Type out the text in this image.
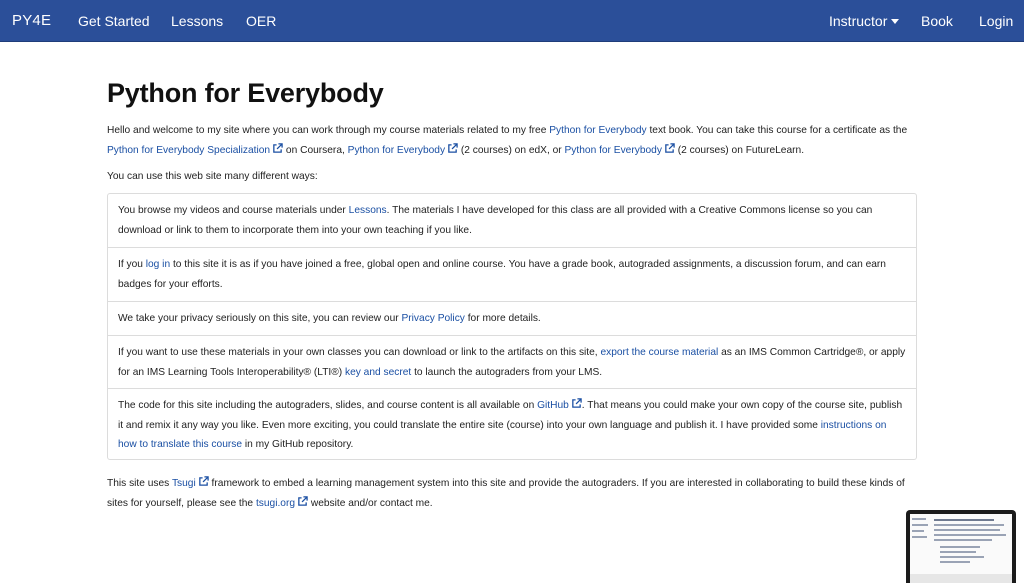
PY4E Get Started Lessons OER	Instructor	Book Login
Python for Everybody

Hello and welcome to my site where you can work through my course materials related to my free Python for Everybody text book. You can take this course for a certificate as the Python for Everybody Specialization on Coursera, Python for Everybody (2 courses) on edX, or Python for Everybody (2 courses) on FutureLearn.

You can use this web site many different ways:

You browse my videos and course materials under Lessons. The materials I have developed for this class are all provided with a Creative Commons license so you can download or link to them to incorporate them into your own teaching if you like.

If you log in to this site it is as if you have joined a free, global open and online course. You have a grade book, autograded assignments, a discussion forum, and can earn badges for your efforts.

We take your privacy seriously on this site, you can review our Privacy Policy for more details.

If you want to use these materials in your own classes you can download or link to the artifacts on this site, export the course material as an IMS Common Cartridge®, or apply for an IMS Learning Tools Interoperability® (LTI®) key and secret to launch the autograders from your LMS.

The code for this site including the autograders, slides, and course content is all available on GitHub . That means you could make your own copy of the course site, publish it and remix it any way you like. Even more exciting, you could translate the entire site (course) into your own language and publish it. I have provided some instructions on how to translate this course in my GitHub repository.

This site uses Tsugi framework to embed a learning management system into this site and provide the autograders. If you are interested in collaborating to build these kinds of sites for yourself, please see the tsugi.org website and/or contact me.
